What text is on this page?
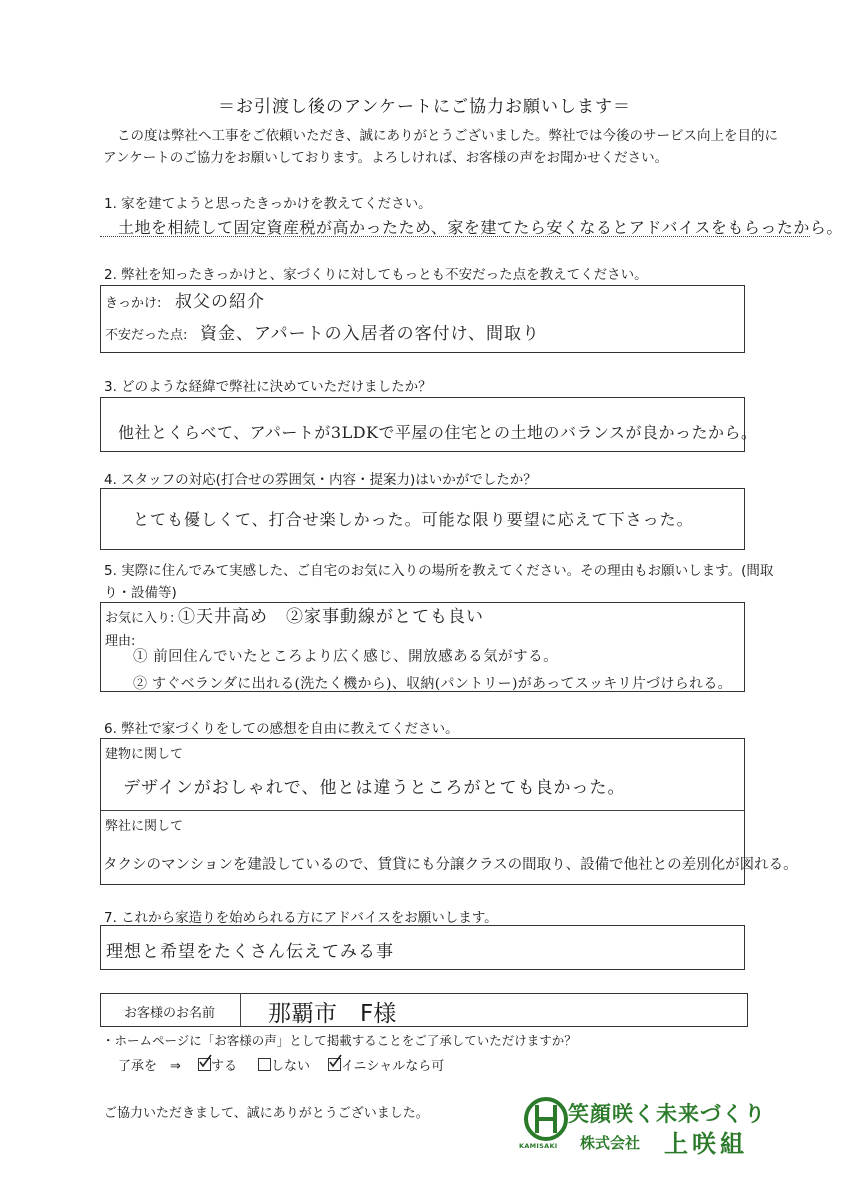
＝お引渡し後のアンケートにご協力お願いします＝
この度は弊社へ工事をご依頼いただき、誠にありがとうございました。弊社では今後のサービス向上を目的に
アンケートのご協力をお願いしております。よろしければ、お客様の声をお聞かせください。
1. 家を建てようと思ったきっかけを教えてください。
土地を相続して固定資産税が高かったため、家を建てたら安くなるとアドバイスをもらったから。
2. 弊社を知ったきっかけと、家づくりに対してもっとも不安だった点を教えてください。
きっかけ: 叔父の紹介
不安だった点: 資金、アパートの入居者の客付け、間取り
3. どのような経緯で弊社に決めていただけましたか？
他社とくらべて、アパートが3LDKで平屋の住宅との土地のバランスが良かったから。
4. スタッフの対応(打合せの雰囲気・内容・提案力)はいかがでしたか？
とても優しくて、打合せ楽しかった。可能な限り要望に応えて下さった。
5. 実際に住んでみて実感した、ご自宅のお気に入りの場所を教えてください。その理由もお願いします。(間取
り・設備等)
お気に入り: ①天井高め　②家事動線がとても良い
理由:
① 前回住んでいたところより広く感じ、開放感ある気がする。
② すぐベランダに出れる(洗たく機から)、収納(パントリー)があってスッキリ片づけられる。
6. 弊社で家づくりをしての感想を自由に教えてください。
建物に関して
デザインがおしゃれで、他とは違うところがとても良かった。
弊社に関して
タクシのマンションを建設しているので、賃貸にも分譲クラスの間取り、設備で他社との差別化が図れる。
7. これから家造りを始められる方にアドバイスをお願いします。
理想と希望をたくさん伝えてみる事
お客様のお名前 那覇市　F様
・ホームページに「お客様の声」として掲載することをご了承していただけますか？
了承を　⇒	する	しない	イニシャルなら可
ご協力いただきまして、誠にありがとうございました。
KAMISAKI
笑顔咲く未来づくり
株式会社 上咲組
